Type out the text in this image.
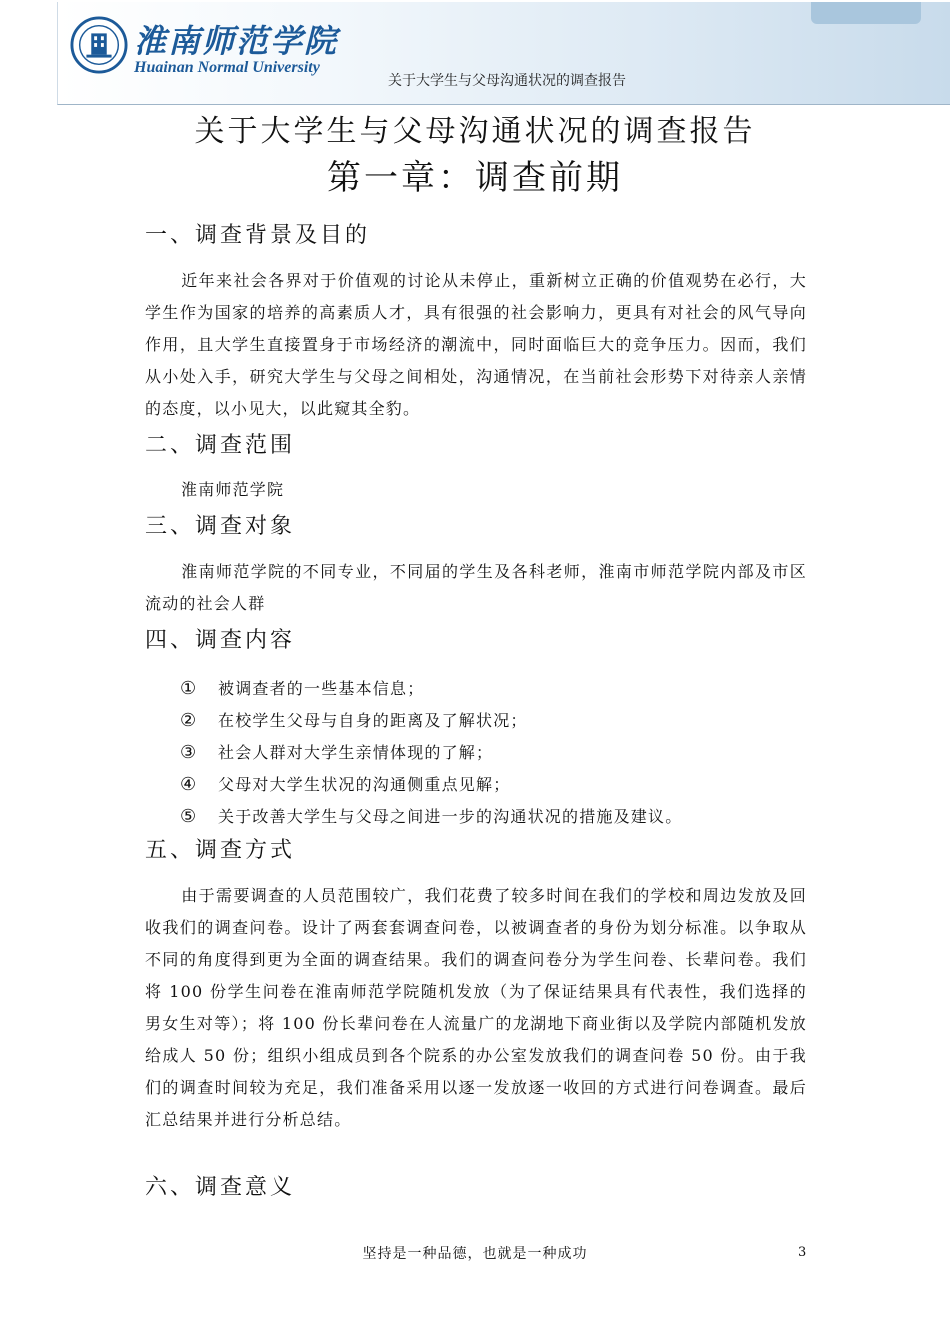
淮南师范学院
Huainan Normal University
关于大学生与父母沟通状况的调查报告
关于大学生与父母沟通状况的调查报告
第一章：调查前期
一、调查背景及目的
近年来社会各界对于价值观的讨论从未停止，重新树立正确的价值观势在必行，大学生作为国家的培养的高素质人才，具有很强的社会影响力，更具有对社会的风气导向作用，且大学生直接置身于市场经济的潮流中，同时面临巨大的竞争压力。因而，我们从小处入手，研究大学生与父母之间相处，沟通情况，在当前社会形势下对待亲人亲情的态度，以小见大，以此窥其全豹。
二、调查范围
淮南师范学院
三、调查对象
淮南师范学院的不同专业，不同届的学生及各科老师，淮南市师范学院内部及市区流动的社会人群
四、调查内容
① 被调查者的一些基本信息；
② 在校学生父母与自身的距离及了解状况；
③ 社会人群对大学生亲情体现的了解；
④ 父母对大学生状况的沟通侧重点见解；
⑤ 关于改善大学生与父母之间进一步的沟通状况的措施及建议。
五、调查方式
由于需要调查的人员范围较广，我们花费了较多时间在我们的学校和周边发放及回收我们的调查问卷。设计了两套套调查问卷，以被调查者的身份为划分标准。以争取从不同的角度得到更为全面的调查结果。我们的调查问卷分为学生问卷、长辈问卷。我们将 100 份学生问卷在淮南师范学院随机发放（为了保证结果具有代表性，我们选择的男女生对等）；将 100 份长辈问卷在人流量广的龙湖地下商业街以及学院内部随机发放给成人 50 份；组织小组成员到各个院系的办公室发放我们的调查问卷 50 份。由于我们的调查时间较为充足，我们准备采用以逐一发放逐一收回的方式进行问卷调查。最后汇总结果并进行分析总结。
六、调查意义
坚持是一种品德，也就是一种成功	3
